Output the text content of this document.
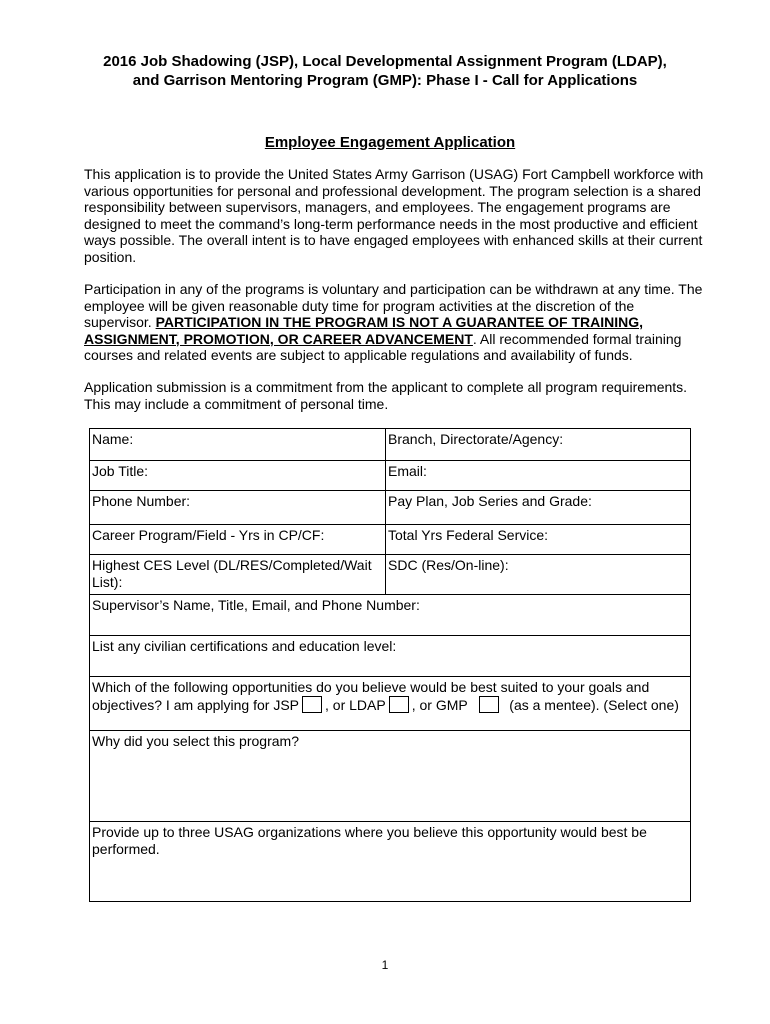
2016 Job Shadowing (JSP), Local Developmental Assignment Program (LDAP),
and Garrison Mentoring Program (GMP): Phase I - Call for Applications
Employee Engagement Application
This application is to provide the United States Army Garrison (USAG) Fort Campbell workforce with various opportunities for personal and professional development. The program selection is a shared responsibility between supervisors, managers, and employees. The engagement programs are designed to meet the command’s long-term performance needs in the most productive and efficient ways possible. The overall intent is to have engaged employees with enhanced skills at their current position.
Participation in any of the programs is voluntary and participation can be withdrawn at any time. The employee will be given reasonable duty time for program activities at the discretion of the supervisor. PARTICIPATION IN THE PROGRAM IS NOT A GUARANTEE OF TRAINING, ASSIGNMENT, PROMOTION, OR CAREER ADVANCEMENT. All recommended formal training courses and related events are subject to applicable regulations and availability of funds.
Application submission is a commitment from the applicant to complete all program requirements. This may include a commitment of personal time.
Name:	Branch, Directorate/Agency:
Job Title:	Email:
Phone Number:	Pay Plan, Job Series and Grade:
Career Program/Field - Yrs in CP/CF:	Total Yrs Federal Service:
Highest CES Level (DL/RES/Completed/Wait List):	SDC (Res/On-line):
Supervisor’s Name, Title, Email, and Phone Number:	
List any civilian certifications and education level:	
Which of the following opportunities do you believe would be best suited to your goals and objectives? I am applying for JSP , or LDAP , or GMP (as a mentee). (Select one)	
Why did you select this program?	
Provide up to three USAG organizations where you believe this opportunity would best be performed.	
1
